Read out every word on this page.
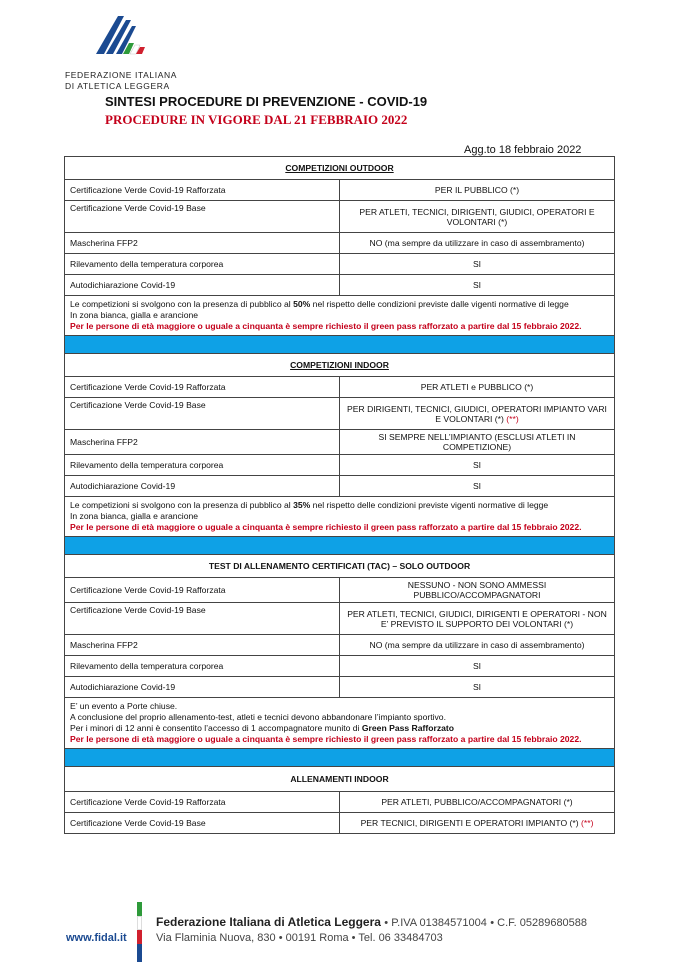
FEDERAZIONE ITALIANA
DI ATLETICA LEGGERA
SINTESI PROCEDURE DI PREVENZIONE - COVID-19
PROCEDURE IN VIGORE DAL 21 FEBBRAIO 2022
Agg.to 18 febbraio 2022
COMPETIZIONI OUTDOOR	
Certificazione Verde Covid-19 Rafforzata	PER IL PUBBLICO (*)
Certificazione Verde Covid-19 Base	PER ATLETI, TECNICI, DIRIGENTI, GIUDICI, OPERATORI E VOLONTARI (*)
Mascherina FFP2	NO (ma sempre da utilizzare in caso di assembramento)
Rilevamento della temperatura corporea	SI
Autodichiarazione Covid-19	SI
Le competizioni si svolgono con la presenza di pubblico al 50% nel rispetto delle condizioni previste dalle vigenti normative di legge
In zona bianca, gialla e arancione
Per le persone di età maggiore o uguale a cinquanta è sempre richiesto il green pass rafforzato a partire dal 15 febbraio 2022.	

COMPETIZIONI INDOOR	
Certificazione Verde Covid-19 Rafforzata	PER ATLETI e PUBBLICO (*)
Certificazione Verde Covid-19 Base	PER DIRIGENTI, TECNICI, GIUDICI, OPERATORI IMPIANTO VARI E VOLONTARI (*) (**)
Mascherina FFP2	SI SEMPRE NELL’IMPIANTO (ESCLUSI ATLETI IN COMPETIZIONE)
Rilevamento della temperatura corporea	SI
Autodichiarazione Covid-19	SI
Le competizioni si svolgono con la presenza di pubblico al 35% nel rispetto delle condizioni previste vigenti normative di legge
In zona bianca, gialla e arancione
Per le persone di età maggiore o uguale a cinquanta è sempre richiesto il green pass rafforzato a partire dal 15 febbraio 2022.	

TEST DI ALLENAMENTO CERTIFICATI (TAC) – SOLO OUTDOOR	
Certificazione Verde Covid-19 Rafforzata	NESSUNO - NON SONO AMMESSI PUBBLICO/ACCOMPAGNATORI
Certificazione Verde Covid-19 Base	PER ATLETI, TECNICI, GIUDICI, DIRIGENTI E OPERATORI - NON E’ PREVISTO IL SUPPORTO DEI VOLONTARI (*)
Mascherina FFP2	NO (ma sempre da utilizzare in caso di assembramento)
Rilevamento della temperatura corporea	SI
Autodichiarazione Covid-19	SI
E’ un evento a Porte chiuse.
A conclusione del proprio allenamento-test, atleti e tecnici devono abbandonare l’impianto sportivo.
Per i minori di 12 anni è consentito l’accesso di 1 accompagnatore munito di Green Pass Rafforzato
Per le persone di età maggiore o uguale a cinquanta è sempre richiesto il green pass rafforzato a partire dal 15 febbraio 2022.	

ALLENAMENTI INDOOR	
Certificazione Verde Covid-19 Rafforzata	PER ATLETI, PUBBLICO/ACCOMPAGNATORI (*)
Certificazione Verde Covid-19 Base	PER TECNICI, DIRIGENTI E OPERATORI IMPIANTO (*) (**)
www.fidal.it
Federazione Italiana di Atletica Leggera • P.IVA 01384571004 • C.F. 05289680588
Via Flaminia Nuova, 830 • 00191 Roma • Tel. 06 33484703
